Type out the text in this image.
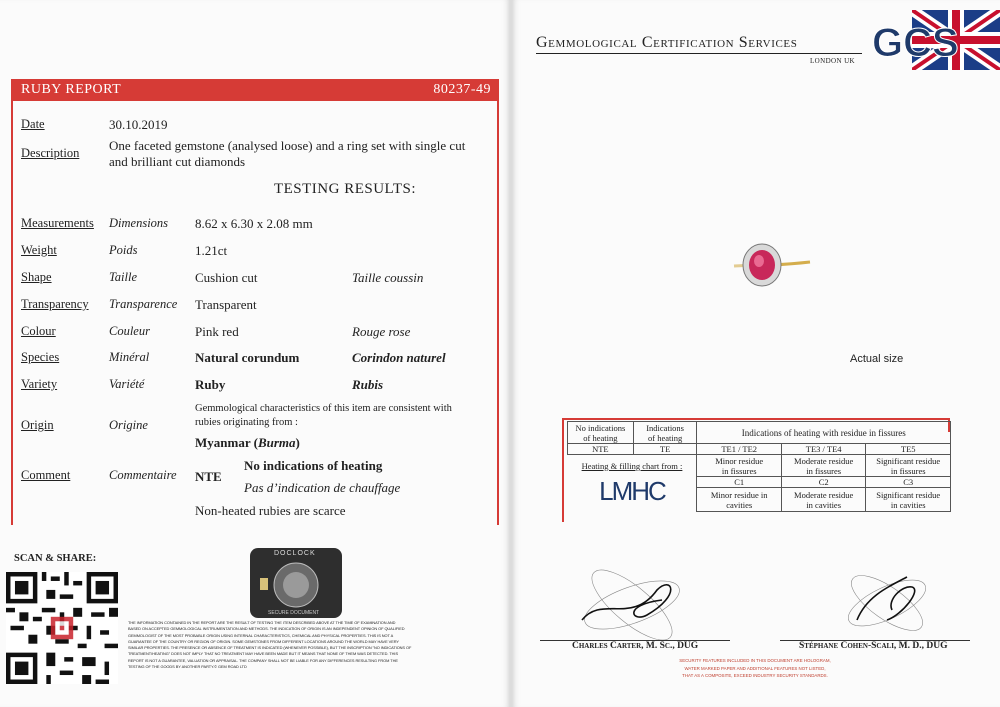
RUBY REPORT	80237-49
Date	30.10.2019
Description One faceted gemstone (analysed loose) and a ring set with single cut
and brilliant cut diamonds
TESTING RESULTS:
Measurements Dimensions 8.62 x 6.30 x 2.08 mm
Weight	Poids	1.21ct
Shape	Taille	Cushion cut	Taille coussin
Transparency Transparence Transparent
Colour	Couleur	Pink red	Rouge rose
Species	Minéral	Natural corundum	Corindon naturel
Variety	Variété	Ruby	Rubis
Origin	Origine
Gemmological characteristics of this item are consistent with
rubies originating from :
Myanmar (Burma)
Comment	Commentaire NTE
No indications of heating
Pas d’indication de chauffage
Non-heated rubies are scarce
SCAN & SHARE:	DOCLOCK
SECURE DOCUMENT
THE INFORMATION CONTAINED IN THE REPORT ARE THE RESULT OF TESTING THE ITEM DESCRIBED ABOVE AT THE TIME OF EXAMINATION AND
BASED ON ACCEPTED GEMMOLOGICAL INSTRUMENTATION AND METHODS. THE INDICATION OF ORIGIN IS AN INDEPENDENT OPINION OF QUALIFIED
GEMMOLOGIST OF THE MOST PROBABLE ORIGIN USING INTERNAL CHARACTERISTICS, CHEMICAL AND PHYSICAL PROPERTIES. THIS IS NOT A
GUARANTEE OF THE COUNTRY OR REGION OF ORIGIN. SOME GEMSTONES FROM DIFFERENT LOCATIONS AROUND THE WORLD MAY HAVE VERY
SIMILAR PROPERTIES. THE PRESENCE OR ABSENCE OF TREATMENT IS INDICATED (WHENEVER POSSIBLE), BUT THE INSCRIPTION "NO INDICATIONS OF
TREATMENT/HEATING" DOES NOT IMPLY THAT NO TREATMENT MAY HAVE BEEN MADE BUT IT MEANS THAT NONE OF THEM WAS DETECTED. THIS
REPORT IS NOT A GUARANTEE, VALUATION OR APPRAISAL. THE COMPANY SHALL NOT BE LIABLE FOR ANY DIFFERENCES RESULTING FROM THE
TESTING OF THE GOODS BY ANOTHER PARTY.© GEM ROAD LTD
Gemmological Certification Services
LONDON UK GCS
Actual size
No indications
of heating	Indications
of heating	Indications of heating with residue in fissures		
NTE	TE	TE1 / TE2	TE3 / TE4	TE5
Heating & filling chart from :		Minor residue
in fissures	Moderate residue
in fissures	Significant residue
in fissures
LMHC		C1	C2	C3
		Minor residue in
cavities	Moderate residue
in cavities	Significant residue
in cavities
Charles Carter, M. Sc., DUG	Stéphane Cohen-Scali, M. D., DUG
SECURITY FEATURES INCLUDED IN THIS DOCUMENT ARE HOLOGRAM,
WATER MARKED PAPER AND ADDITIONAL FEATURES NOT LISTED,
THAT AS A COMPOSITE, EXCEED INDUSTRY SECURITY STANDARDS.
